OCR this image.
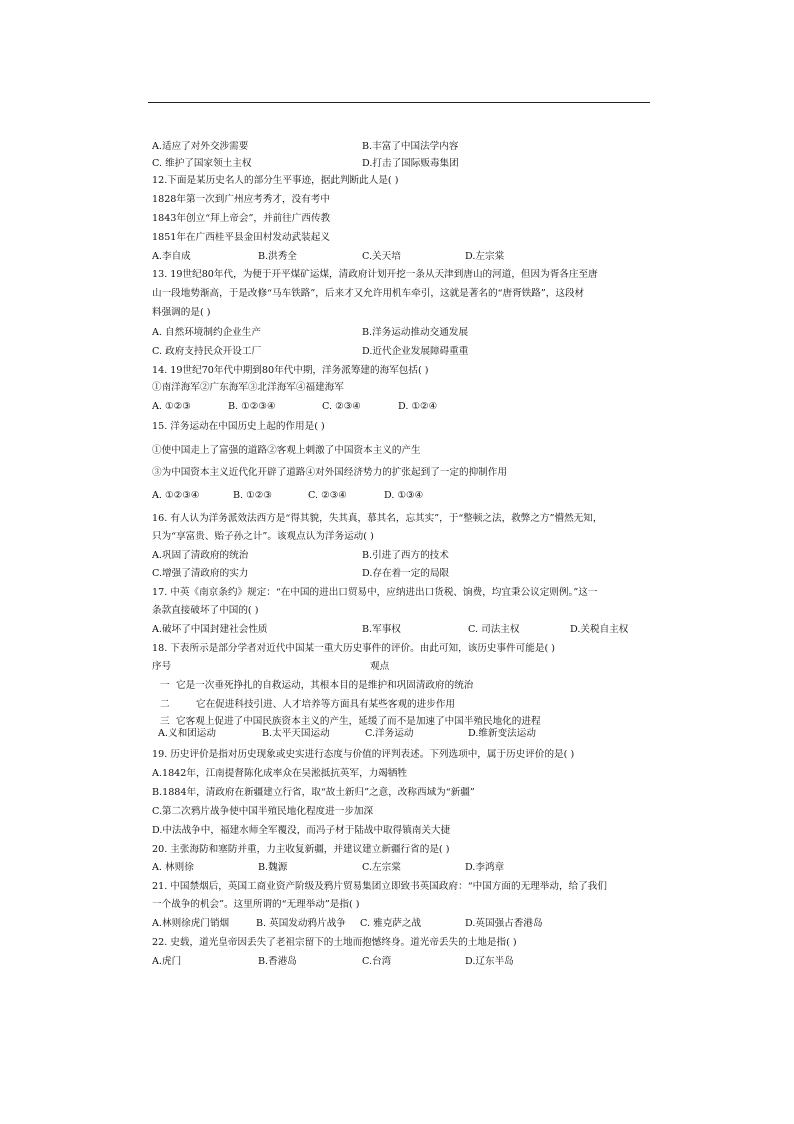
12.下面是某历史名人的部分生平事迹，据此判断此人是( )
1828年第一次到广州应考秀才，没有考中
1843年创立“拜上帝会”，并前往广西传教
1851年在广西桂平县金田村发动武装起义
13. 19世纪80年代，为便于开平煤矿运煤，清政府计划开挖一条从天津到唐山的河道，但因为胥各庄至唐
山一段地势渐高，于是改修“马车铁路”，后来才又允许用机车牵引，这就是著名的“唐胥铁路”，这段材
料强调的是( )
14. 19世纪70年代中期到80年代中期，洋务派筹建的海军包括( )
①南洋海军②广东海军③北洋海军④福建海军
15. 洋务运动在中国历史上起的作用是( )
①使中国走上了富强的道路②客观上刺激了中国资本主义的产生
③为中国资本主义近代化开辟了道路④对外国经济势力的扩张起到了一定的抑制作用
16. 有人认为洋务派效法西方是“得其貌，失其真，慕其名，忘其实”，于“整顿之法，救弊之方”懵然无知，
只为“享富贵、贻子孙之计”。该观点认为洋务运动( )
17. 中英《南京条约》规定：“在中国的进出口贸易中，应纳进出口货税、饷费，均宜秉公议定则例。”这一
条款直接破坏了中国的( )
18. 下表所示是部分学者对近代中国某一重大历史事件的评价。由此可知，该历史事件可能是( )
19. 历史评价是指对历史现象或史实进行态度与价值的评判表述。下列选项中，属于历史评价的是( )
A.1842年，江南提督陈化成率众在吴淞抵抗英军，力竭牺牲
B.1884年，清政府在新疆建立行省，取“故土新归”之意，改称西域为“新疆”
C.第二次鸦片战争使中国半殖民地化程度进一步加深
D.中法战争中，福建水师全军覆没，而冯子材于陆战中取得镇南关大捷
20. 主张海防和塞防并重，力主收复新疆，并建议建立新疆行省的是( )
21. 中国禁烟后，英国工商业资产阶级及鸦片贸易集团立即致书英国政府：“中国方面的无理举动，给了我们
一个战争的机会”。这里所谓的“无理举动”是指( )
22. 史载，道光皇帝因丢失了老祖宗留下的土地而抱憾终身。道光帝丢失的土地是指( )
A.适应了对外交涉需要	B.丰富了中国法学内容
C. 维护了国家领土主权	D.打击了国际贩毒集团
A.李自成	B.洪秀全	C.关天培	D.左宗棠
A. 自然环境制约企业生产	B.洋务运动推动交通发展
C. 政府支持民众开设工厂	D.近代企业发展障碍重重
A. ①②③	B. ①②③④	C. ②③④	D. ①②④
A. ①②③④	B. ①②③	C. ②③④	D. ①③④
A.巩固了清政府的统治	B.引进了西方的技术
C.增强了清政府的实力	D.存在着一定的局限
A.破坏了中国封建社会性质	B.军事权	C. 司法主权	D.关税自主权
A.义和团运动	B.太平天国运动	C.洋务运动	D.维新变法运动
A. 林则徐	B.魏源	C.左宗棠	D.李鸿章
A.林则徐虎门销烟	B. 英国发动鸦片战争 C. 雅克萨之战	D.英国强占香港岛
A.虎门	B.香港岛	C.台湾	D.辽东半岛
序号	观点
一 它是一次垂死挣扎的自救运动，其根本目的是维护和巩固清政府的统治
二	它在促进科技引进、人才培养等方面具有某些客观的进步作用
三 它客观上促进了中国民族资本主义的产生，延缓了而不是加速了中国半殖民地化的进程
